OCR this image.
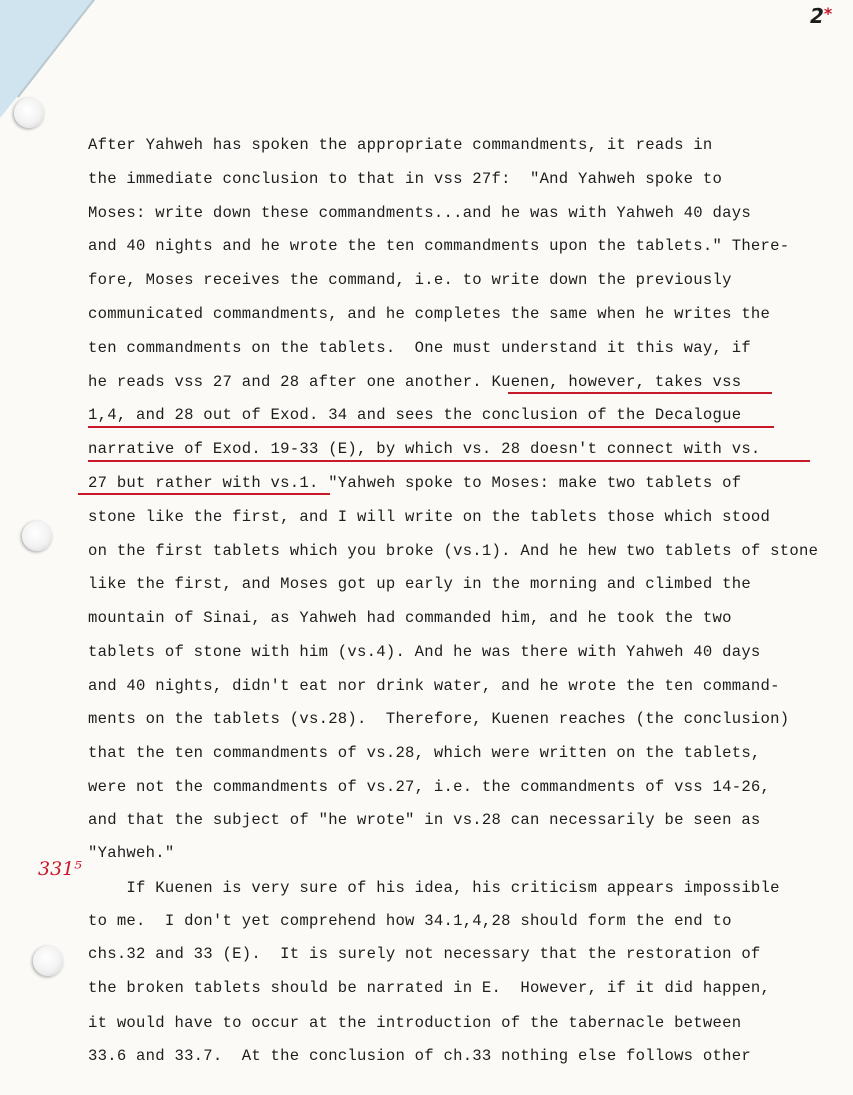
2*
331⁵
After Yahweh has spoken the appropriate commandments, it reads in
the immediate conclusion to that in vss 27f:  "And Yahweh spoke to
Moses: write down these commandments...and he was with Yahweh 40 days
and 40 nights and he wrote the ten commandments upon the tablets." There-
fore, Moses receives the command, i.e. to write down the previously
communicated commandments, and he completes the same when he writes the
ten commandments on the tablets.  One must understand it this way, if
he reads vss 27 and 28 after one another. Kuenen, however, takes vss
1,4, and 28 out of Exod. 34 and sees the conclusion of the Decalogue
narrative of Exod. 19-33 (E), by which vs. 28 doesn't connect with vs.
27 but rather with vs.1. "Yahweh spoke to Moses: make two tablets of
stone like the first, and I will write on the tablets those which stood
on the first tablets which you broke (vs.1). And he hew two tablets of stone
like the first, and Moses got up early in the morning and climbed the
mountain of Sinai, as Yahweh had commanded him, and he took the two
tablets of stone with him (vs.4). And he was there with Yahweh 40 days
and 40 nights, didn't eat nor drink water, and he wrote the ten command-
ments on the tablets (vs.28).  Therefore, Kuenen reaches (the conclusion)
that the ten commandments of vs.28, which were written on the tablets,
were not the commandments of vs.27, i.e. the commandments of vss 14-26,
and that the subject of "he wrote" in vs.28 can necessarily be seen as
"Yahweh."
If Kuenen is very sure of his idea, his criticism appears impossible
to me.  I don't yet comprehend how 34.1,4,28 should form the end to
chs.32 and 33 (E).  It is surely not necessary that the restoration of
the broken tablets should be narrated in E.  However, if it did happen,
it would have to occur at the introduction of the tabernacle between
33.6 and 33.7.  At the conclusion of ch.33 nothing else follows other
